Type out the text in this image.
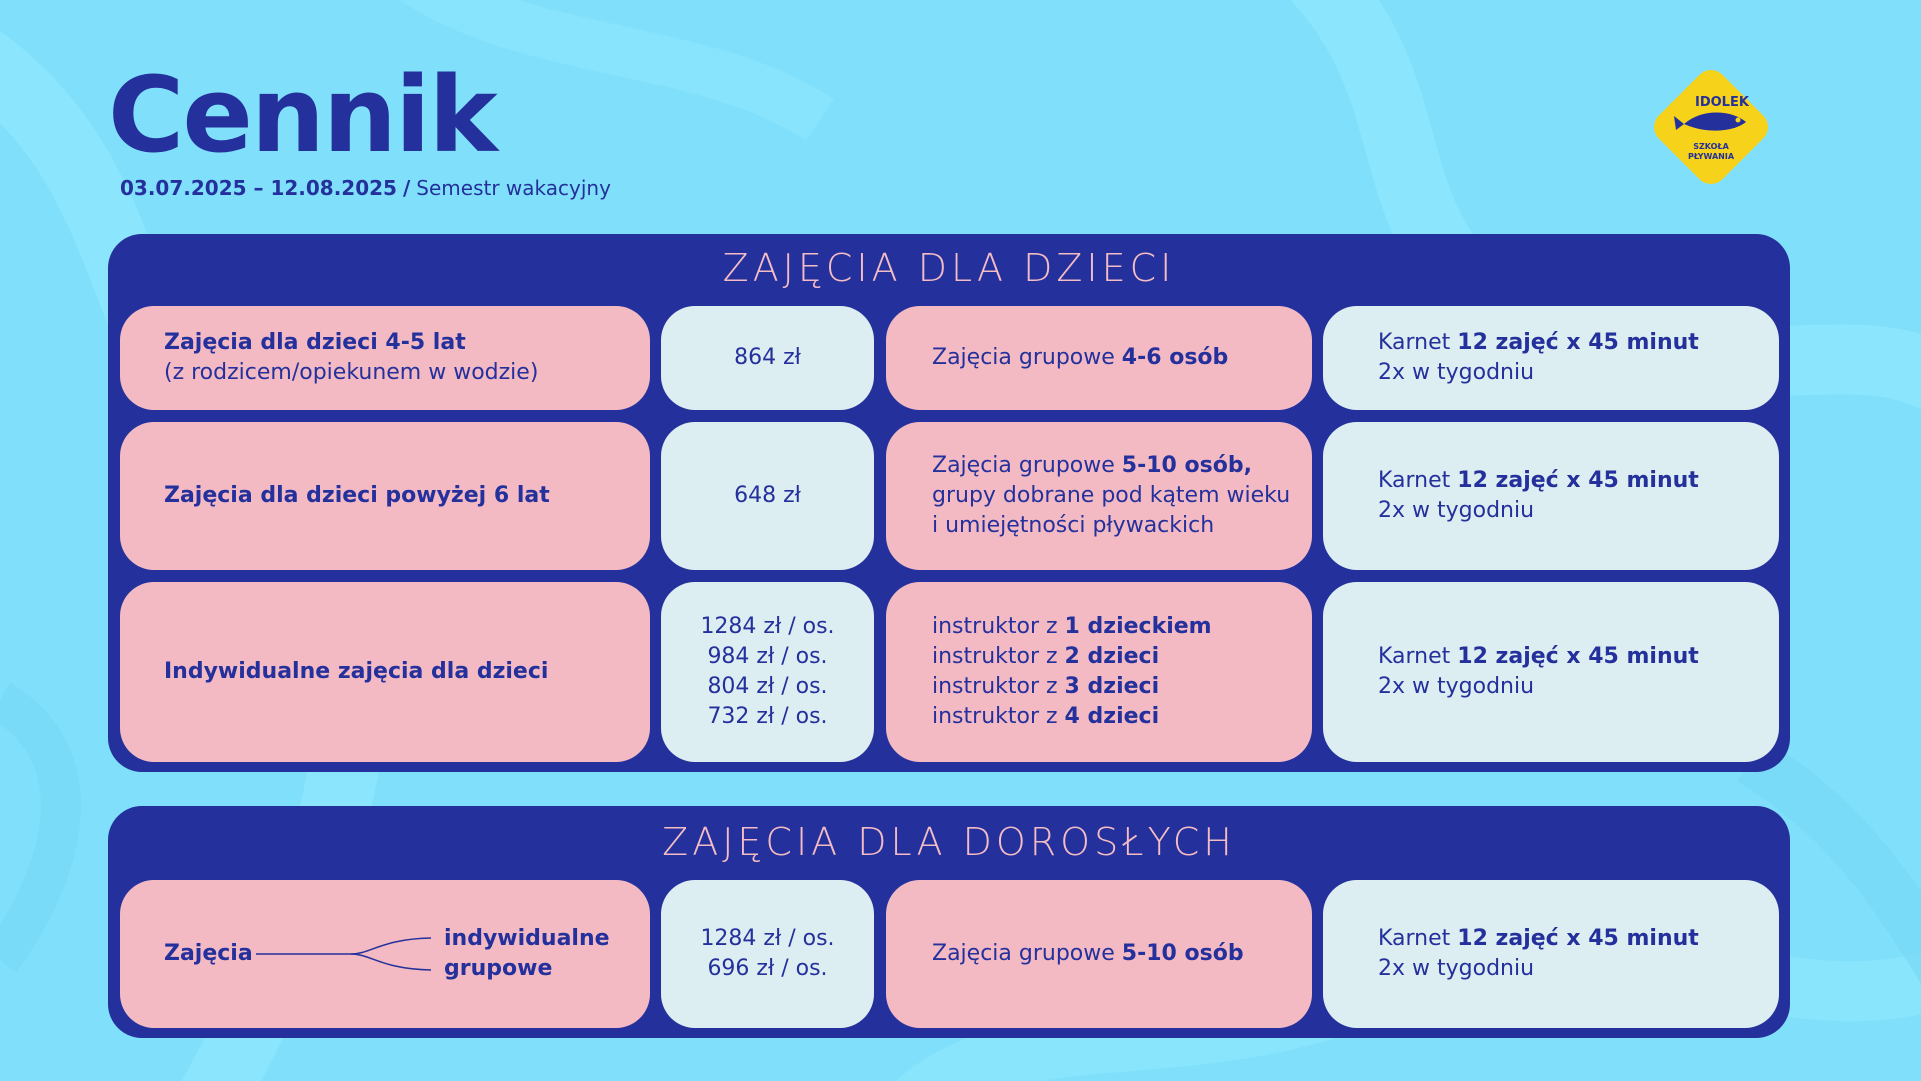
Cennik
03.07.2025 – 12.08.2025 / Semestr wakacyjny
IDOLEK
SZKOŁA
PŁYWANIA
ZAJĘCIA DLA DZIECI
Zajęcia dla dzieci 4-5 lat
(z rodzicem/opiekunem w wodzie)
864 zł	Zajęcia grupowe 4-6 osób
Karnet 12 zajęć x 45 minut
2x w tygodniu
Zajęcia dla dzieci powyżej 6 lat	648 zł
Zajęcia grupowe 5-10 osób,
grupy dobrane pod kątem wieku
i umiejętności pływackich
Karnet 12 zajęć x 45 minut
2x w tygodniu
Indywidualne zajęcia dla dzieci
1284 zł / os.
984 zł / os.
804 zł / os.
732 zł / os.
instruktor z 1 dzieckiem
instruktor z 2 dzieci
instruktor z 3 dzieci
instruktor z 4 dzieci
Karnet 12 zajęć x 45 minut
2x w tygodniu
ZAJĘCIA DLA DOROSŁYCH
Zajęcia
indywidualne
grupowe
1284 zł / os.
696 zł / os.
Zajęcia grupowe 5-10 osób
Karnet 12 zajęć x 45 minut
2x w tygodniu
